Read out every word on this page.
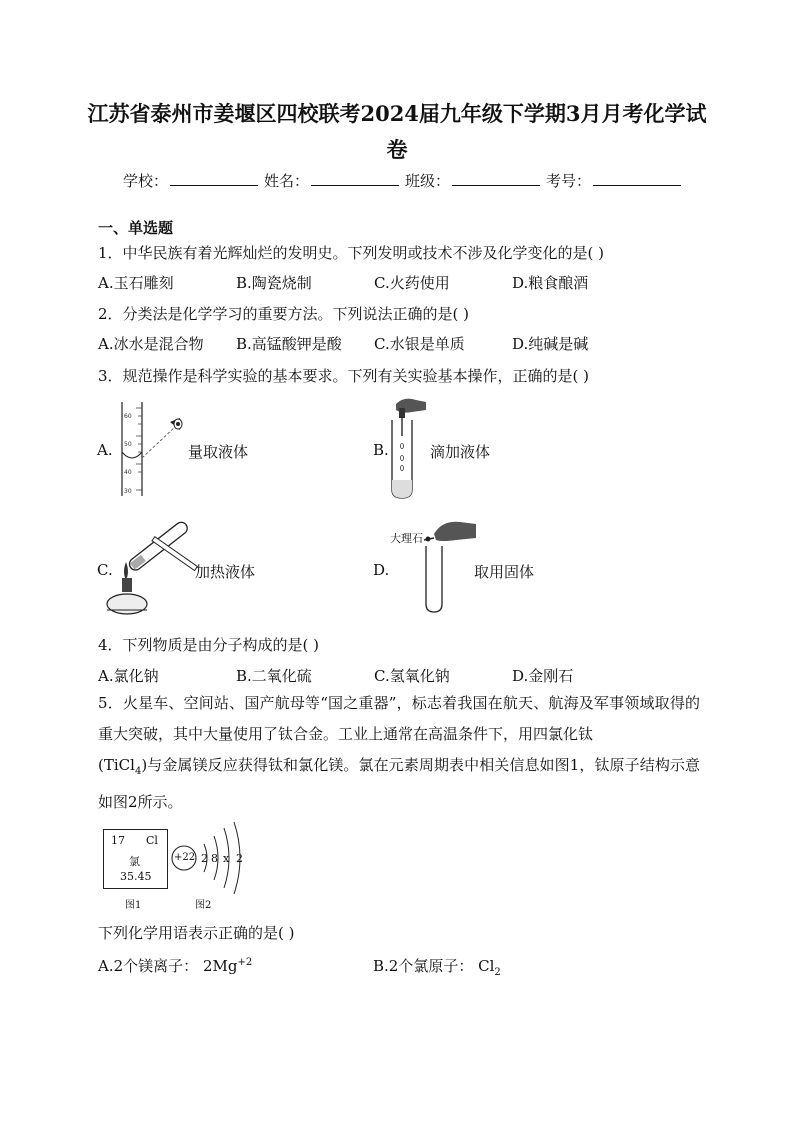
江苏省泰州市姜堰区四校联考2024届九年级下学期3月月考化学试
卷
学校：	姓名：	班级：	考号：
一、单选题
1．中华民族有着光辉灿烂的发明史。下列发明或技术不涉及化学变化的是( )
A.玉石雕刻	B.陶瓷烧制	C.火药使用	D.粮食酿酒
2．分类法是化学学习的重要方法。下列说法正确的是( )
A.冰水是混合物	B.高锰酸钾是酸	C.水银是单质	D.纯碱是碱
3．规范操作是科学实验的基本要求。下列有关实验基本操作，正确的是( )
A.
60
50
40
30
量取液体	B.	滴加液体
C.	加热液体	D.
大理石
取用固体
4．下列物质是由分子构成的是( )
A.氯化钠	B.二氧化硫	C.氢氧化钠	D.金刚石
5．火星车、空间站、国产航母等“国之重器”，标志着我国在航天、航海及军事领域取得的重大突破，其中大量使用了钛合金。工业上通常在高温条件下，用四氯化钛
(TiCl$_4$)与金属镁反应获得钛和氯化镁。氯在元素周期表中相关信息如图1，钛原子结构示意如图2所示。
17 Cl
氯
35.45
图1
+22 2 8 x 2
图2
下列化学用语表示正确的是( )
A.2个镁离子： $2Mg^{+2}$	B.2个氯原子： $Cl_2$
